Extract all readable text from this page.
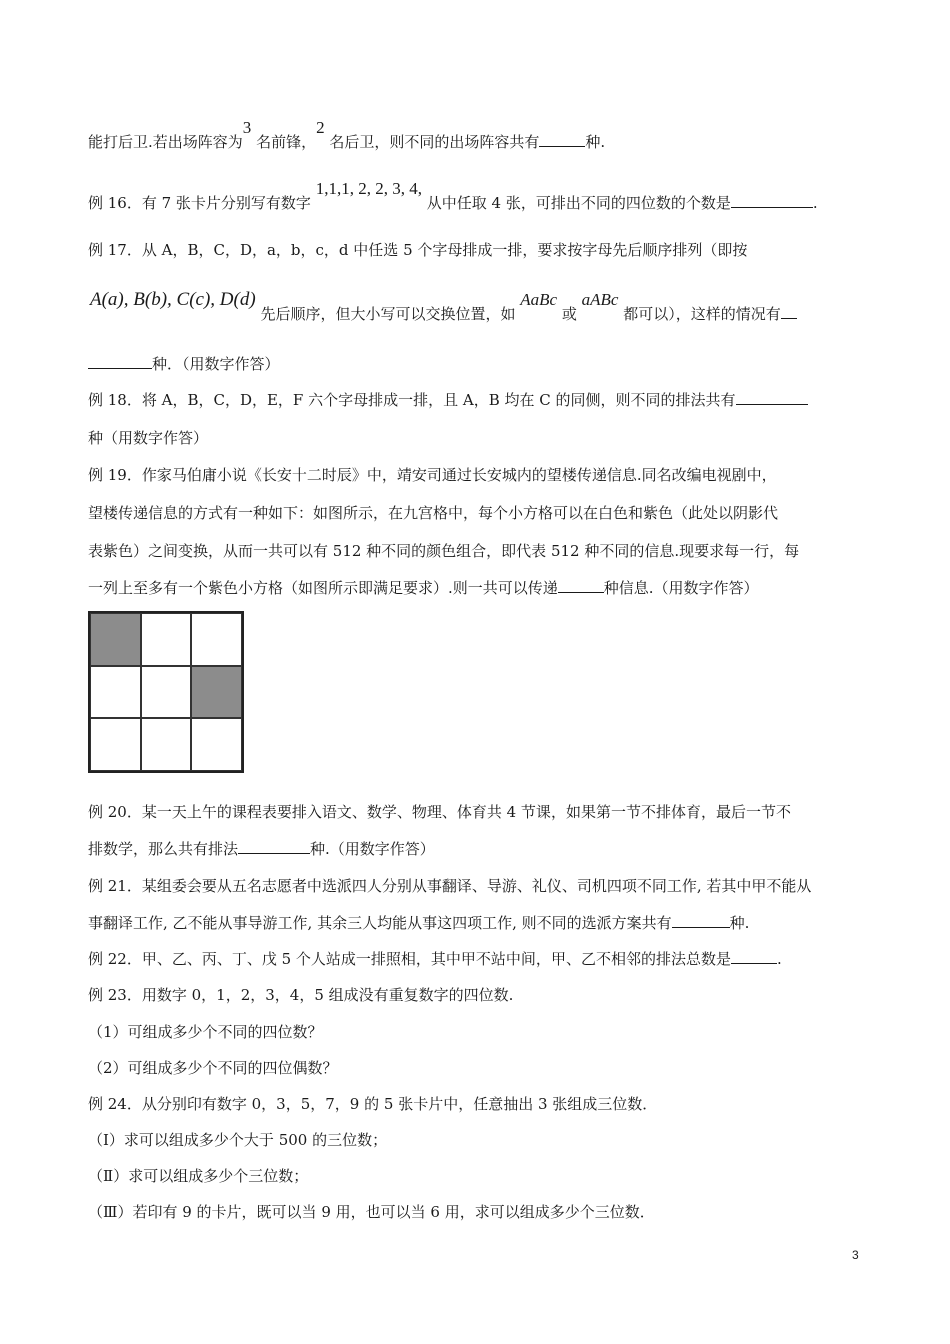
能打后卫.若出场阵容为3 名前锋，2 名后卫，则不同的出场阵容共有	种.
例 16．有 7 张卡片分别写有数字 1,1,1, 2, 2, 3, 4, 从中任取 4 张，可排出不同的四位数的个数是	.
例 17．从 A，B，C，D，a，b，c，d 中任选 5 个字母排成一排，要求按字母先后顺序排列（即按
A(a), B(b), C(c), D(d) 先后顺序，但大小写可以交换位置，如 AaBc 或 aABc 都可以），这样的情况有
种．（用数字作答）
例 18．将 A，B，C，D，E，F 六个字母排成一排，且 A，B 均在 C 的同侧，则不同的排法共有
种（用数字作答）
例 19．作家马伯庸小说《长安十二时辰》中，靖安司通过长安城内的望楼传递信息.同名改编电视剧中，
望楼传递信息的方式有一种如下：如图所示，在九宫格中，每个小方格可以在白色和紫色（此处以阴影代
表紫色）之间变换，从而一共可以有 512 种不同的颜色组合，即代表 512 种不同的信息.现要求每一行，每
一列上至多有一个紫色小方格（如图所示即满足要求）.则一共可以传递	种信息.（用数字作答）
例 20．某一天上午的课程表要排入语文、数学、物理、体育共 4 节课，如果第一节不排体育，最后一节不
排数学，那么共有排法	种.（用数字作答）
例 21．某组委会要从五名志愿者中选派四人分别从事翻译、导游、礼仪、司机四项不同工作, 若其中甲不能从
事翻译工作, 乙不能从事导游工作, 其余三人均能从事这四项工作, 则不同的选派方案共有	种.
例 22．甲、乙、丙、丁、戊 5 个人站成一排照相，其中甲不站中间，甲、乙不相邻的排法总数是	.
例 23．用数字 0，1，2，3，4，5 组成没有重复数字的四位数.
（1）可组成多少个不同的四位数？
（2）可组成多少个不同的四位偶数？
例 24．从分别印有数字 0，3，5，7，9 的 5 张卡片中，任意抽出 3 张组成三位数．
（Ⅰ）求可以组成多少个大于 500 的三位数；
（Ⅱ）求可以组成多少个三位数；
（Ⅲ）若印有 9 的卡片，既可以当 9 用，也可以当 6 用，求可以组成多少个三位数．
3
